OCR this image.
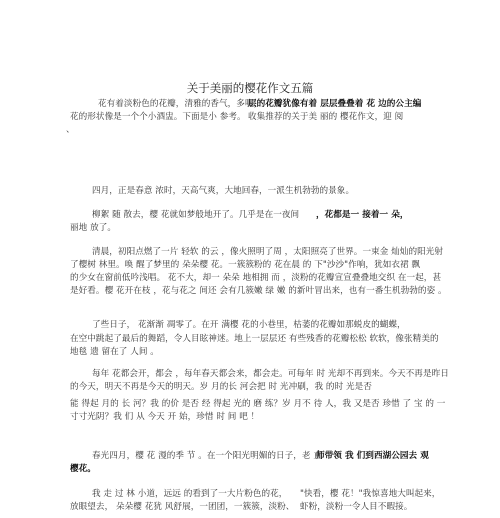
关于美丽的樱花作文五篇
花有着淡粉色的花瓣，清雅的香气，多呢，
花的形状像是一个个小酒盅。下面是小 参考。
层的花瓣犹像有着 层层叠叠着 花 边的公主编
收集推荐的关于美 丽的 樱花作文，迎 阅
、
四月，正是春意 浓时，天高气爽，大地回春，一派生机勃勃的景象。
柳絮 随 散去，樱 花就如梦般地开了。几乎是在一夜间 ，花都是一 接着一 朵，
丽地 放了。
清晨，初阳点燃了一片 轻软 的云 ，像火照明了周 ，太阳照亮了世界。一束金 灿灿的阳光射
了樱树 林里。唤 醒了梦里的 朵朵樱 花。一簇簇粉的 花在晨 的 下"沙沙"作响，犹如衣裙 飘
的少女在窗前低吟浅唱。 花不大，却一 朵朵 地相拥 而 ，淡粉的花瓣宣宣叠叠地交织 在一起，甚
是好看。樱 花开在枝 ，花与花之 间还 会有几簇嫩 绿 嫩 的新叶冒出来，也有一番生机勃勃的姿 。
了些日子， 花渐渐 凋零了。在开 满樱 花的小巷里，枯萎的花瓣如那蜕皮的蝴蝶，
在空中跳起了最后的舞蹈，令人目眩神迷。地上一层层还 有些残香的花瓣松松 软软，像张精美的
地毯 遗 留在了 人间 。
每年 花都会开，都会 ，每年春天都会来，都会走。可每年 时 光却不再到来。今天不再是昨日
的今天，明天不再是今天的明天。岁 月的长 河会把 时 光冲刷，我 的时 光是否
能 得起 月的 长 河？我 的价 是否 经 得起 光的 磨 练？岁 月不 待 人，我 又是否 珍惜 了 宝 的 一
寸寸光阴？我 们 从 今天 开 始，珍惜 时 间 吧 ！
春光四月，樱 花 漫的季 节 。在一个阳光明媚的日子，老 直
师带领 我 们到西湖公园去 观
樱花。
我 走 过 林 小道，远远 的看到了一大片粉色的花，
放眼望去， 朵朵樱 花犹 风舒展，一团团，一簇簇，淡粉、
"快看，樱 花！"我惊喜地大叫起来，
虾粉，淡粉一令人目不暇接。
